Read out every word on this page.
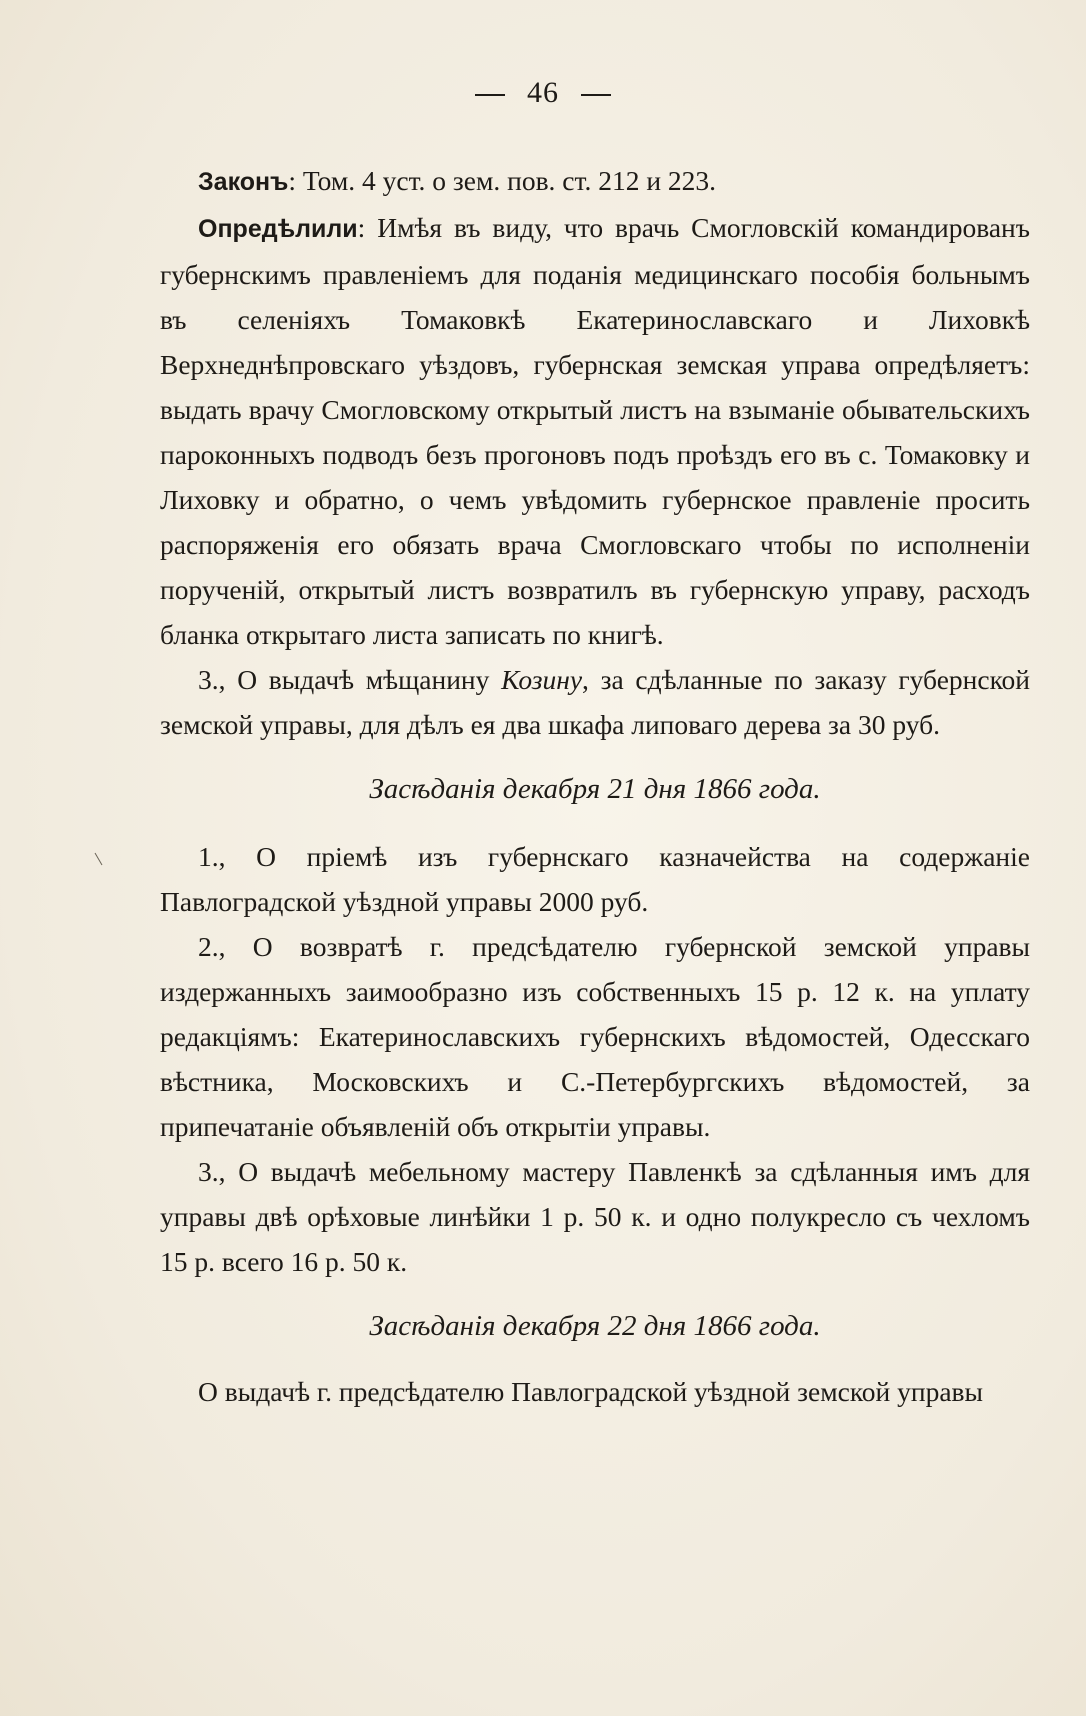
46

Законъ: Том. 4 уст. о зем. пов. ст. 212 и 223.

Опредѣлили: Имѣя въ виду, что врачь Смогловскій командированъ губернскимъ правленіемъ для поданія медицинскаго пособія больнымъ въ селеніяхъ Томаковкѣ Екатеринославскаго и Лиховкѣ Верхнеднѣпровскаго уѣздовъ, губернская земская управа опредѣляетъ: выдать врачу Смогловскому открытый листъ на взыманіе обывательскихъ пароконныхъ подводъ безъ прогоновъ подъ проѣздъ его въ с. Томаковку и Лиховку и обратно, о чемъ увѣдомить губернское правленіе просить распоряженія его обязать врача Смогловскаго чтобы по исполненіи порученій, открытый листъ возвратилъ въ губернскую управу, расходъ бланка открытаго листа записать по книгѣ.

3., О выдачѣ мѣщанину Козину, за сдѣланные по заказу губернской земской управы, для дѣлъ ея два шкафа липоваго дерева за 30 руб.

Засѣданія декабря 21 дня 1866 года.

1., О пріемѣ изъ губернскаго казначейства на содержаніе Павлоградской уѣздной управы 2000 руб.

2., О возвратѣ г. предсѣдателю губернской земской управы издержанныхъ заимообразно изъ собственныхъ 15 р. 12 к. на уплату редакціямъ: Екатеринославскихъ губернскихъ вѣдомостей, Одесскаго вѣстника, Московскихъ и С.-Петербургскихъ вѣдомостей, за припечатаніе объявленій объ открытіи управы.

3., О выдачѣ мебельному мастеру Павленкѣ за сдѣланныя имъ для управы двѣ орѣховые линѣйки 1 р. 50 к. и одно полукресло съ чехломъ 15 р. всего 16 р. 50 к.

Засѣданія декабря 22 дня 1866 года.

О выдачѣ г. предсѣдателю Павлоградской уѣздной земской управы
